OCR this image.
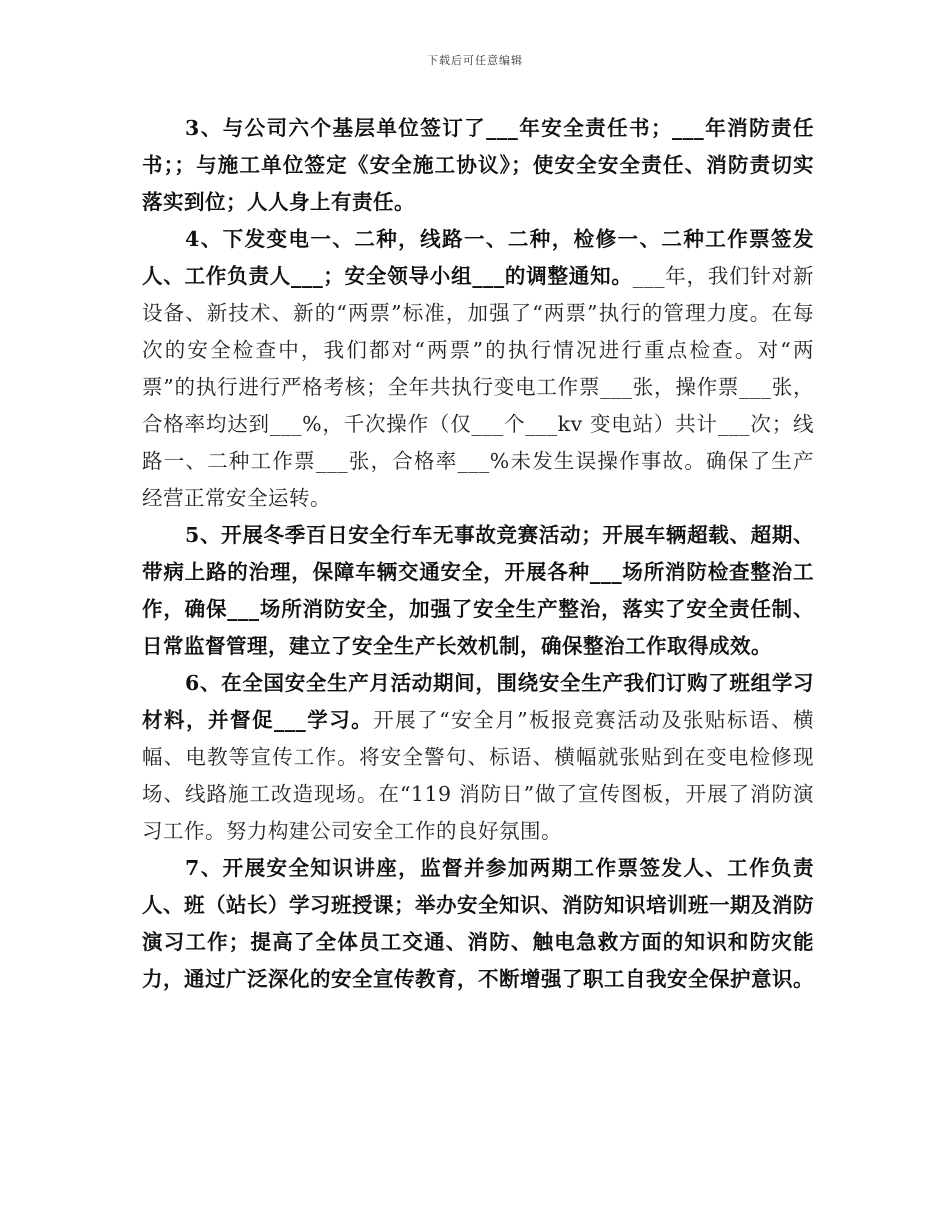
下载后可任意编辑

3、与公司六个基层单位签订了___年安全责任书；___年消防责任书；；与施工单位签定《安全施工协议》；使安全安全责任、消防责切实落实到位；人人身上有责任。

4、下发变电一、二种，线路一、二种，检修一、二种工作票签发人、工作负责人___；安全领导小组___的调整通知。___年，我们针对新设备、新技术、新的“两票”标准，加强了“两票”执行的管理力度。在每次的安全检查中，我们都对“两票”的执行情况进行重点检查。对“两票”的执行进行严格考核；全年共执行变电工作票___张，操作票___张，合格率均达到___%，千次操作（仅___个___kv 变电站）共计___次；线路一、二种工作票___张，合格率___%未发生误操作事故。确保了生产经营正常安全运转。

5、开展冬季百日安全行车无事故竞赛活动；开展车辆超载、超期、带病上路的治理，保障车辆交通安全，开展各种___场所消防检查整治工作，确保___场所消防安全，加强了安全生产整治，落实了安全责任制、日常监督管理，建立了安全生产长效机制，确保整治工作取得成效。

6、在全国安全生产月活动期间，围绕安全生产我们订购了班组学习材料，并督促___学习。开展了“安全月”板报竞赛活动及张贴标语、横幅、电教等宣传工作。将安全警句、标语、横幅就张贴到在变电检修现场、线路施工改造现场。在“119 消防日”做了宣传图板，开展了消防演习工作。努力构建公司安全工作的良好氛围。

7、开展安全知识讲座，监督并参加两期工作票签发人、工作负责人、班（站长）学习班授课；举办安全知识、消防知识培训班一期及消防演习工作；提高了全体员工交通、消防、触电急救方面的知识和防灾能力，通过广泛深化的安全宣传教育，不断增强了职工自我安全保护意识。
